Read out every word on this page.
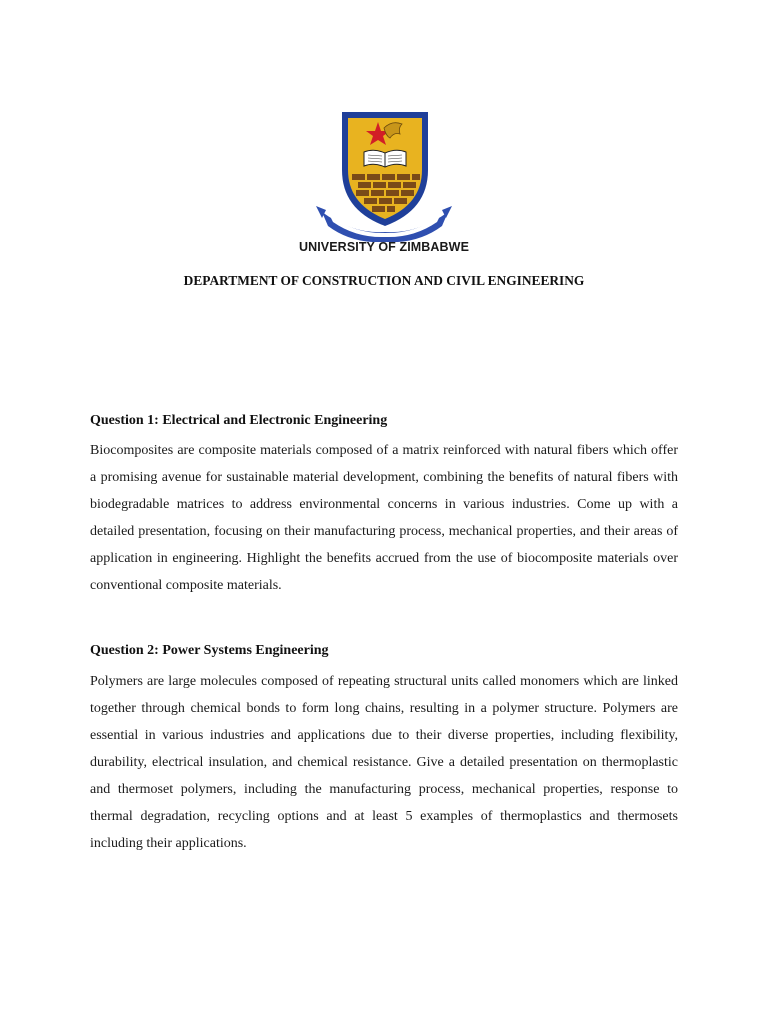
UNIVERSITY OF ZIMBABWE
DEPARTMENT OF CONSTRUCTION AND CIVIL ENGINEERING
Question 1: Electrical and Electronic Engineering
Biocomposites are composite materials composed of a matrix reinforced with natural fibers which offer a promising avenue for sustainable material development, combining the benefits of natural fibers with biodegradable matrices to address environmental concerns in various industries. Come up with a detailed presentation, focusing on their manufacturing process, mechanical properties, and their areas of application in engineering. Highlight the benefits accrued from the use of biocomposite materials over conventional composite materials.
Question 2: Power Systems Engineering
Polymers are large molecules composed of repeating structural units called monomers which are linked together through chemical bonds to form long chains, resulting in a polymer structure. Polymers are essential in various industries and applications due to their diverse properties, including flexibility, durability, electrical insulation, and chemical resistance. Give a detailed presentation on thermoplastic and thermoset polymers, including the manufacturing process, mechanical properties, response to thermal degradation, recycling options and at least 5 examples of thermoplastics and thermosets including their applications.
